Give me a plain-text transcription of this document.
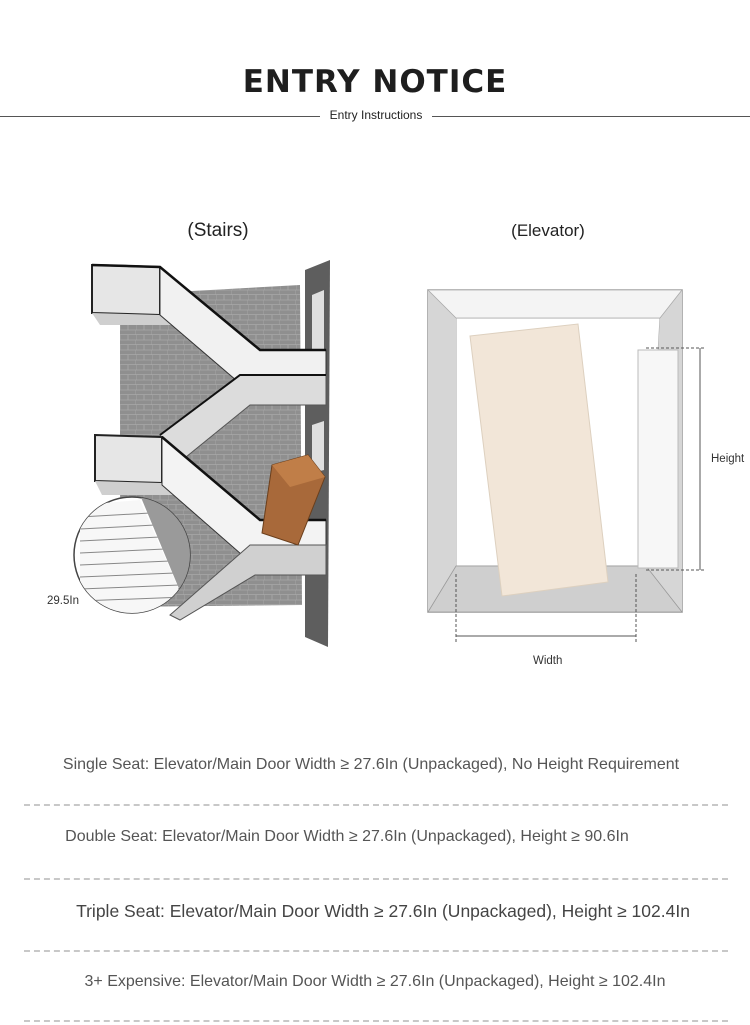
ENTRY NOTICE
Entry Instructions
(Stairs)	(Elevator)
29.5In
Height
Width
Single Seat: Elevator/Main Door Width ≥ 27.6In (Unpackaged), No Height Requirement
Double Seat: Elevator/Main Door Width ≥ 27.6In (Unpackaged), Height ≥ 90.6In
Triple Seat: Elevator/Main Door Width ≥ 27.6In (Unpackaged), Height ≥ 102.4In
3+ Expensive: Elevator/Main Door Width ≥ 27.6In (Unpackaged), Height ≥ 102.4In
